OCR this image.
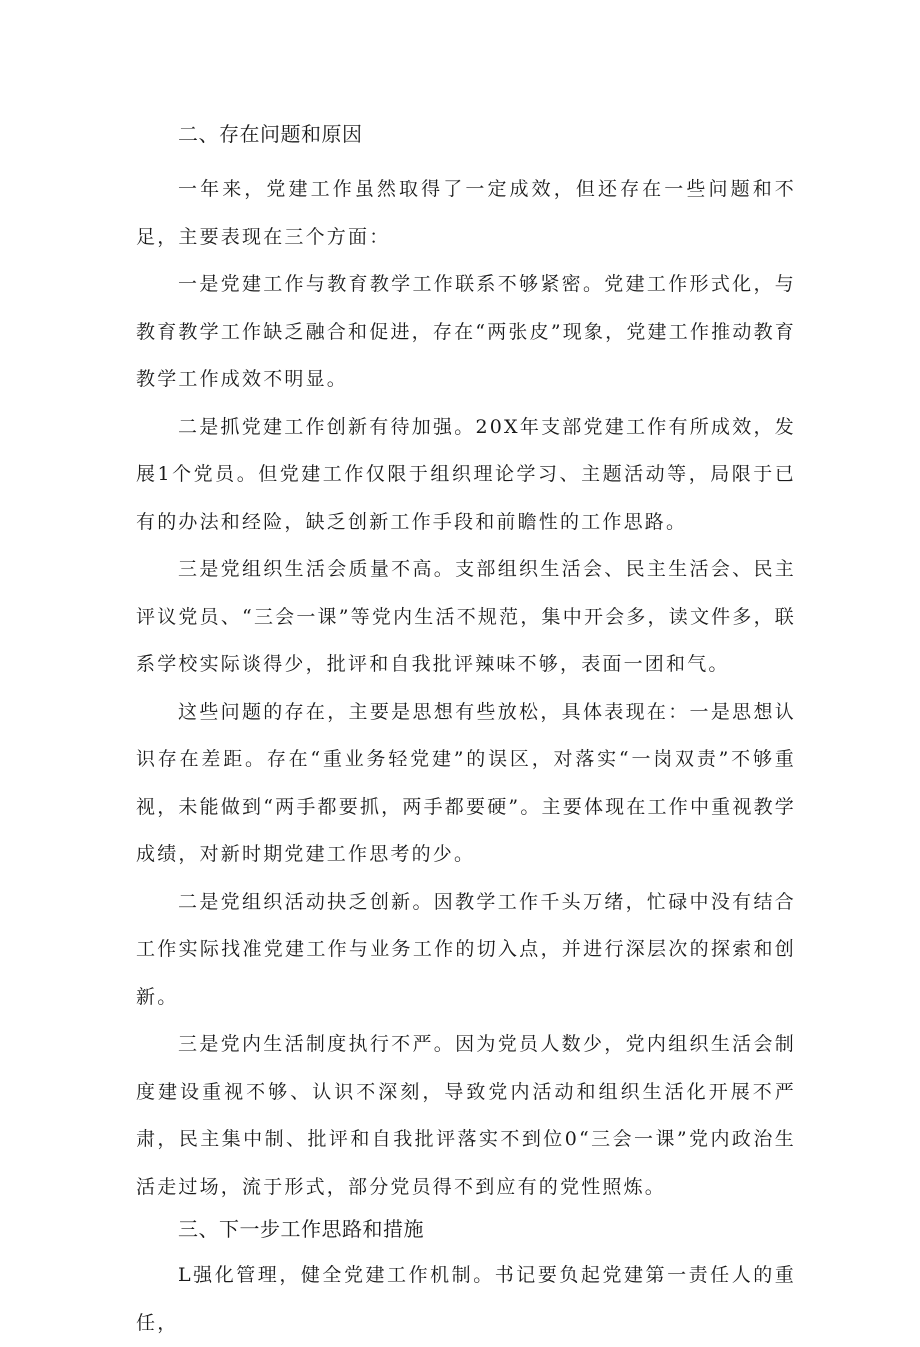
二、存在问题和原因

一年来，党建工作虽然取得了一定成效，但还存在一些问题和不足，主要表现在三个方面：

一是党建工作与教育教学工作联系不够紧密。党建工作形式化，与教育教学工作缺乏融合和促进，存在“两张皮”现象，党建工作推动教育教学工作成效不明显。

二是抓党建工作创新有待加强。20X年支部党建工作有所成效，发展1个党员。但党建工作仅限于组织理论学习、主题活动等，局限于已有的办法和经险，缺乏创新工作手段和前瞻性的工作思路。

三是党组织生活会质量不高。支部组织生活会、民主生活会、民主评议党员、“三会一课”等党内生活不规范，集中开会多，读文件多，联系学校实际谈得少，批评和自我批评辣味不够，表面一团和气。

这些问题的存在，主要是思想有些放松，具体表现在：一是思想认识存在差距。存在“重业务轻党建”的误区，对落实“一岗双责”不够重视，未能做到“两手都要抓，两手都要硬”。主要体现在工作中重视教学成绩，对新时期党建工作思考的少。

二是党组织活动抉乏创新。因教学工作千头万绪，忙碌中没有结合工作实际找准党建工作与业务工作的切入点，并进行深层次的探索和创新。

三是党内生活制度执行不严。因为党员人数少，党内组织生活会制度建设重视不够、认识不深刻，导致党内活动和组织生活化开展不严肃，民主集中制、批评和自我批评落实不到位0“三会一课”党内政治生活走过场，流于形式，部分党员得不到应有的党性照炼。

三、下一步工作思路和措施

L强化管理，健全党建工作机制。书记要负起党建第一责任人的重任，
